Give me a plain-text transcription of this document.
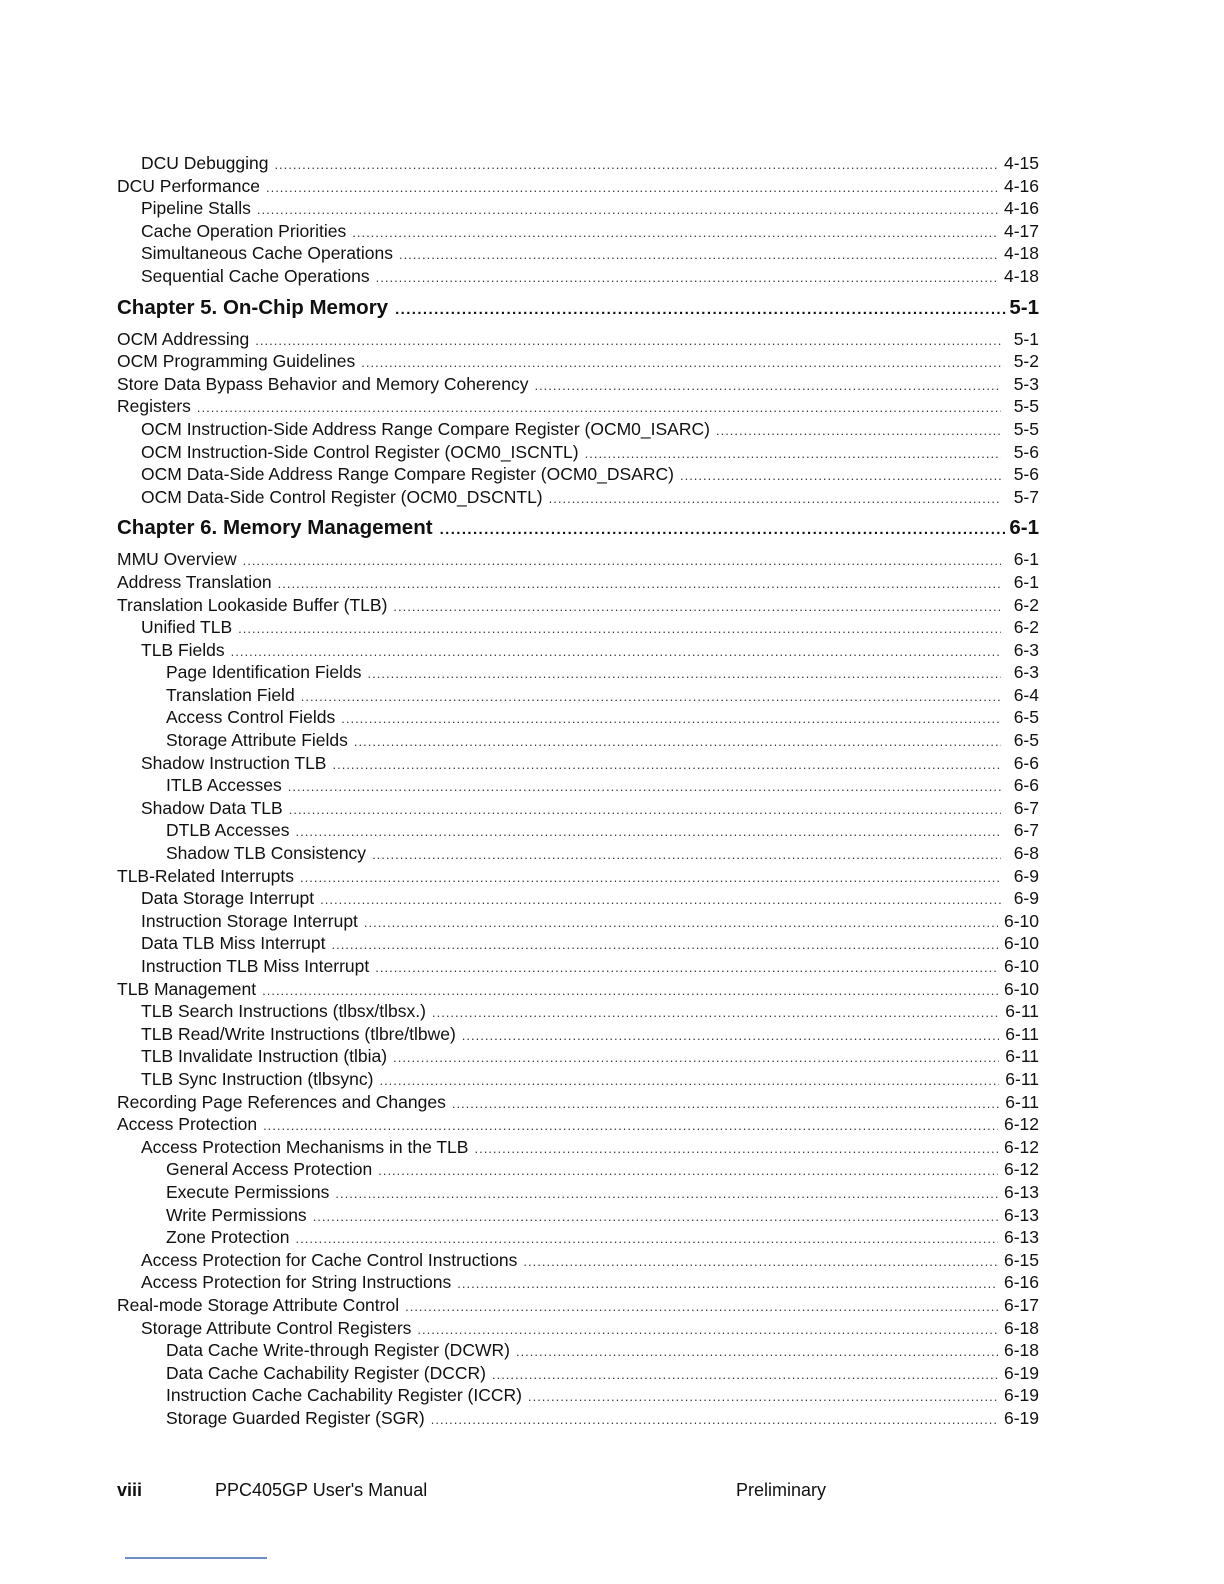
DCU Debugging .....	4-15
DCU Performance .....	4-16
Pipeline Stalls .....	4-16
Cache Operation Priorities .....	4-17
Simultaneous Cache Operations .....	4-18
Sequential Cache Operations .....	4-18
Chapter 5. On-Chip Memory .....	5-1
OCM Addressing .....	5-1
OCM Programming Guidelines .....	5-2
Store Data Bypass Behavior and Memory Coherency .....	5-3
Registers .....	5-5
OCM Instruction-Side Address Range Compare Register (OCM0_ISARC) .....	5-5
OCM Instruction-Side Control Register (OCM0_ISCNTL) .....	5-6
OCM Data-Side Address Range Compare Register (OCM0_DSARC) .....	5-6
OCM Data-Side Control Register (OCM0_DSCNTL) .....	5-7
Chapter 6. Memory Management .....	6-1
MMU Overview .....	6-1
Address Translation .....	6-1
Translation Lookaside Buffer (TLB) .....	6-2
Unified TLB .....	6-2
TLB Fields .....	6-3
Page Identification Fields .....	6-3
Translation Field .....	6-4
Access Control Fields .....	6-5
Storage Attribute Fields .....	6-5
Shadow Instruction TLB .....	6-6
ITLB Accesses .....	6-6
Shadow Data TLB .....	6-7
DTLB Accesses .....	6-7
Shadow TLB Consistency .....	6-8
TLB-Related Interrupts .....	6-9
Data Storage Interrupt .....	6-9
Instruction Storage Interrupt .....	6-10
Data TLB Miss Interrupt .....	6-10
Instruction TLB Miss Interrupt .....	6-10
TLB Management .....	6-10
TLB Search Instructions (tlbsx/tlbsx.) .....	6-11
TLB Read/Write Instructions (tlbre/tlbwe) .....	6-11
TLB Invalidate Instruction (tlbia) .....	6-11
TLB Sync Instruction (tlbsync) .....	6-11
Recording Page References and Changes .....	6-11
Access Protection .....	6-12
Access Protection Mechanisms in the TLB .....	6-12
General Access Protection .....	6-12
Execute Permissions .....	6-13
Write Permissions .....	6-13
Zone Protection .....	6-13
Access Protection for Cache Control Instructions .....	6-15
Access Protection for String Instructions .....	6-16
Real-mode Storage Attribute Control .....	6-17
Storage Attribute Control Registers .....	6-18
Data Cache Write-through Register (DCWR) .....	6-18
Data Cache Cachability Register (DCCR) .....	6-19
Instruction Cache Cachability Register (ICCR) .....	6-19
Storage Guarded Register (SGR) .....	6-19
viii	PPC405GP User's Manual	Preliminary
